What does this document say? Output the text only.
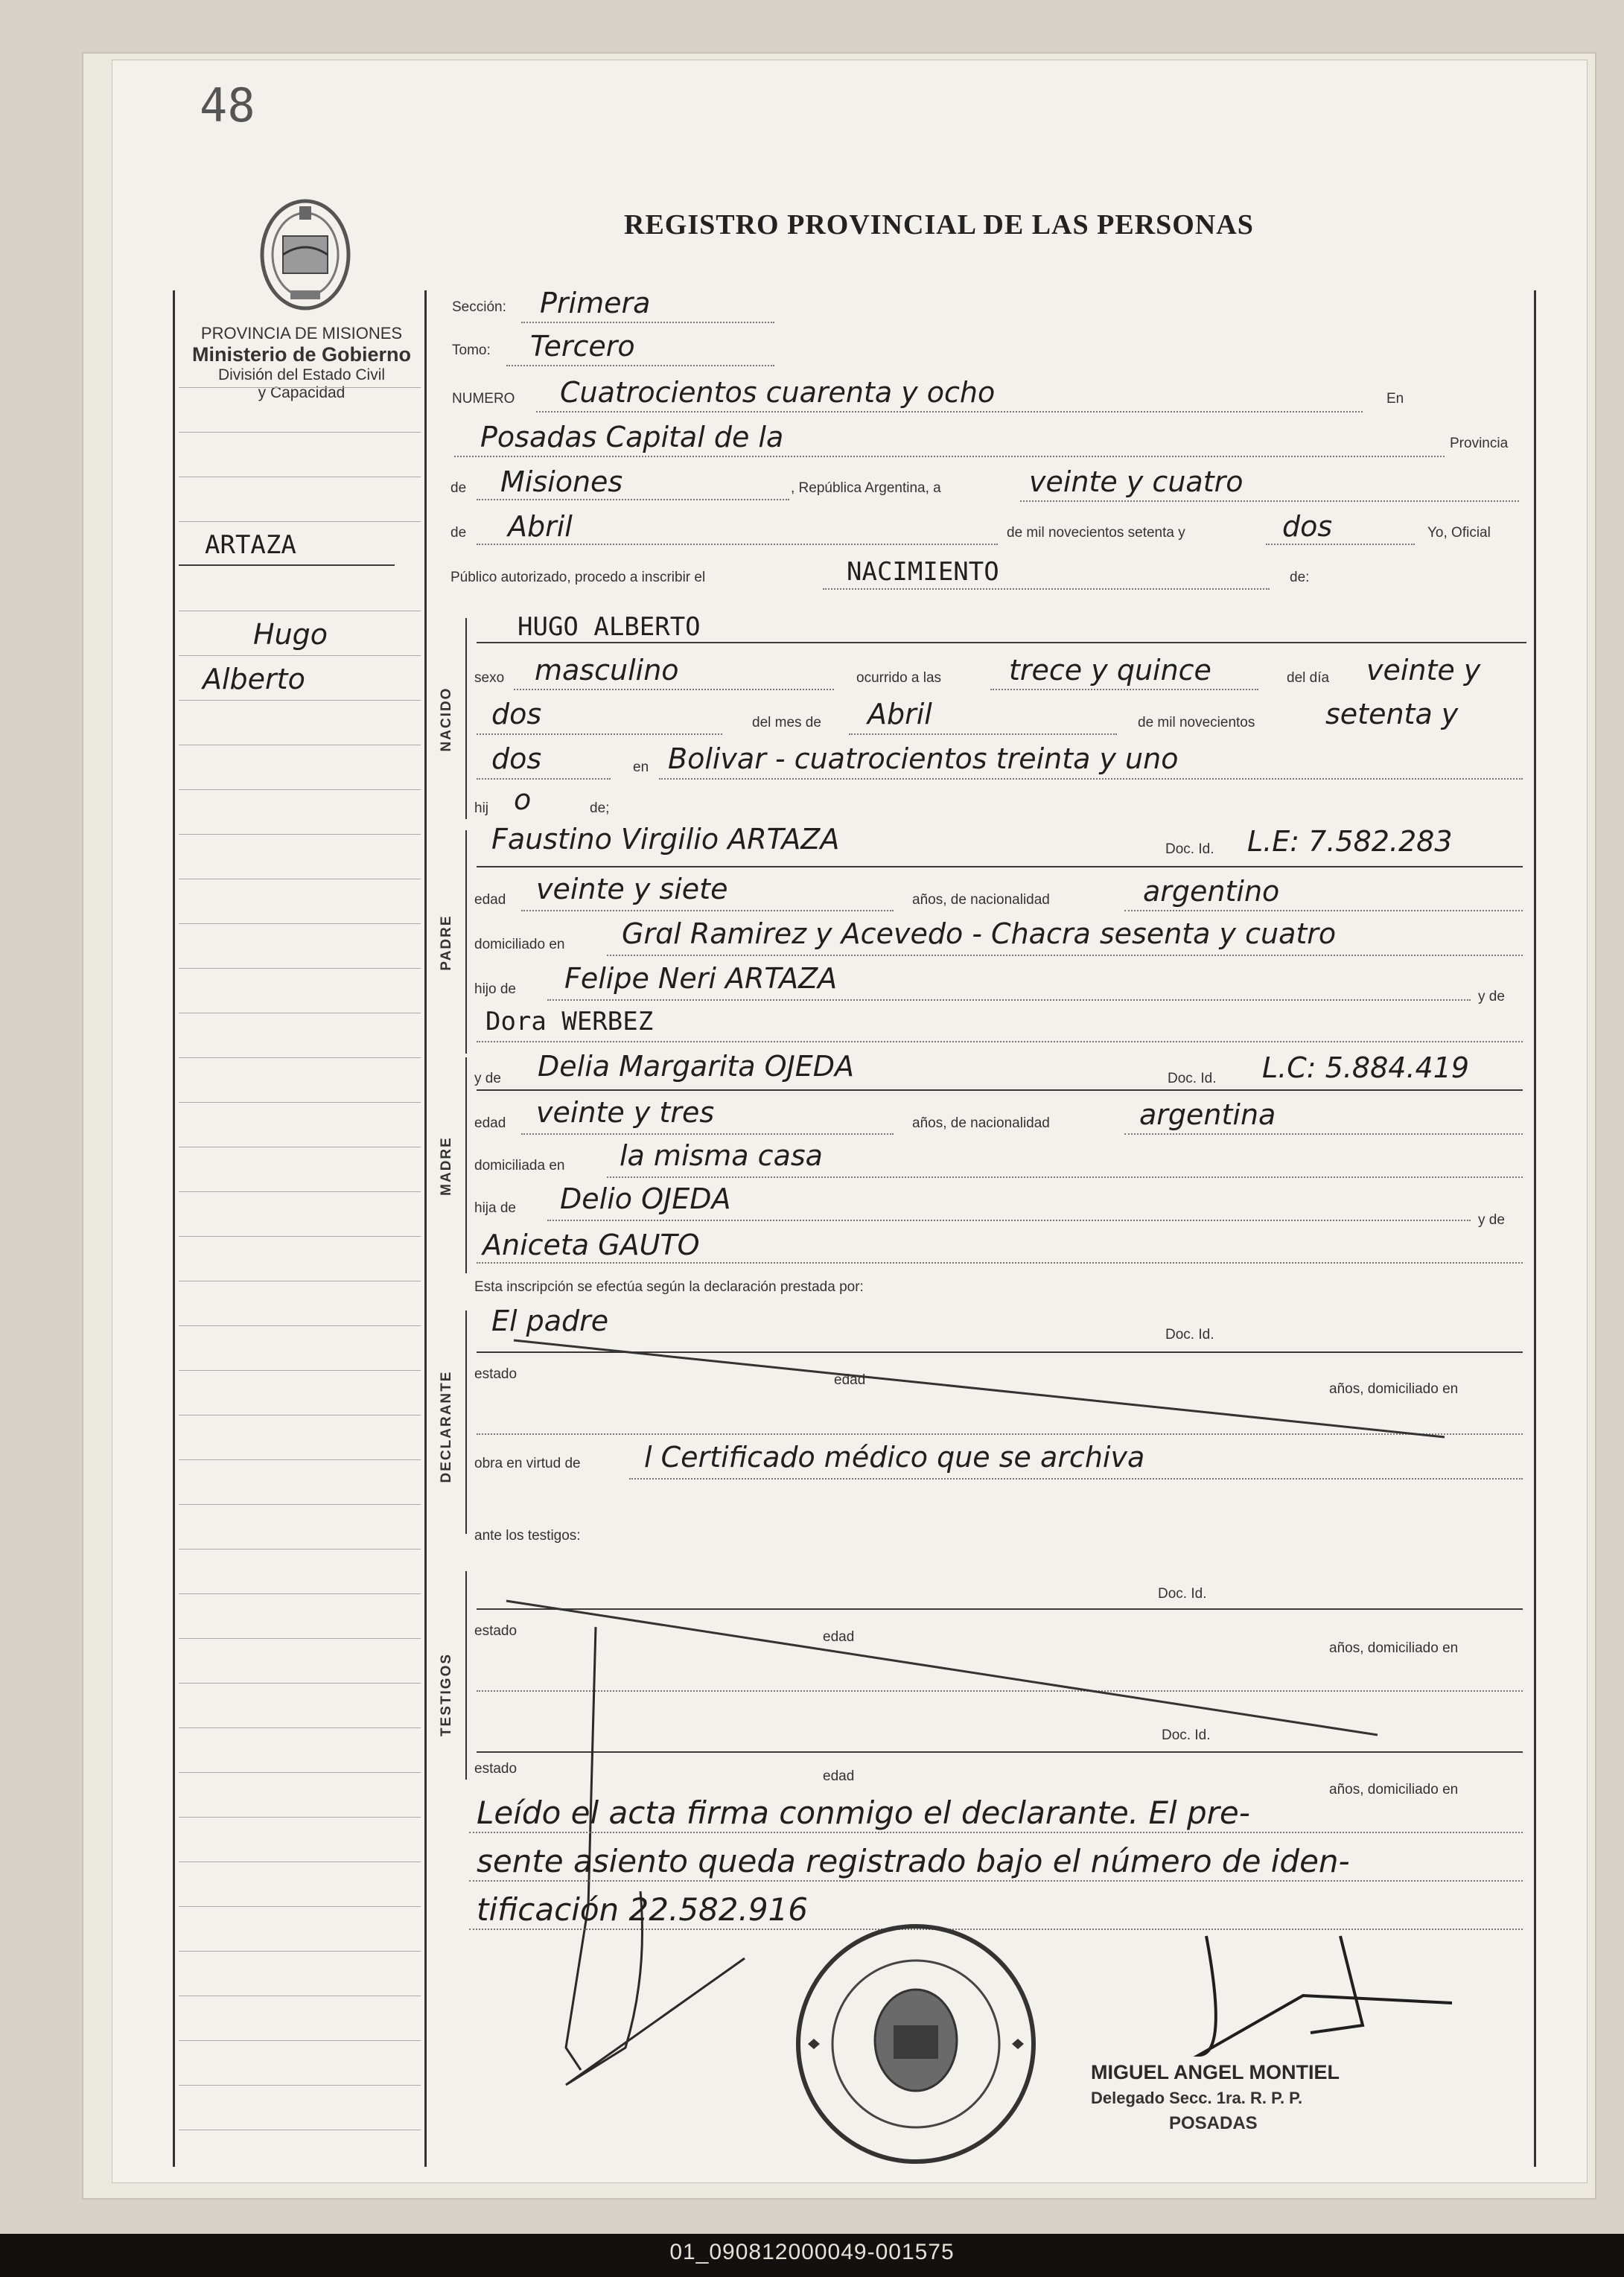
48
REGISTRO PROVINCIAL DE LAS PERSONAS
PROVINCIA DE MISIONES
Ministerio de Gobierno
División del Estado Civil
y Capacidad
ARTAZA
Hugo
Alberto
Sección: Primera
Tomo: Tercero
NUMERO Cuatrocientos cuarenta y ocho	En
Posadas Capital de la	Provincia
de Misiones	, República Argentina, a	veinte y cuatro
de Abril	de mil novecientos setenta y	dos	Yo, Oficial
Público autorizado, procedo a inscribir el	NACIMIENTO	de:
NACIDO
HUGO ALBERTO
sexo masculino	ocurrido a las trece y quince	del día veinte y
dos	del mes de Abril	de mil novecientos setenta y
dos	en Bolivar - cuatrocientos treinta y uno
hij o	de;
PADRE
Faustino Virgilio ARTAZA	Doc. Id. L.E: 7.582.283
edad veinte y siete	años, de nacionalidad	argentino
domiciliado en Grɑl Ramirez y Acevedo - Chacra sesenta y cuatro
hijo de Felipe Neri ARTAZA
y de
Dora WERBEZ
MADRE
y de Delia Margarita OJEDA	Doc. Id. L.C: 5.884.419
edad veinte y tres	años, de nacionalidad	argentina
domiciliada en la misma casa
hija de Delio OJEDA
y de
Aniceta GAUTO
Esta inscripción se efectúa según la declaración prestada por:
DECLARANTE
El padre	Doc. Id.
estado	edad
años, domiciliado en
obra en virtud de l Certificado médico que se archiva
ante los testigos:
TESTIGOS
Doc. Id.
estado	edad
años, domiciliado en
Doc. Id.
estado	edad
años, domiciliado en
Leído el acta firma conmigo el declarante. El pre-
sente asiento queda registrado bajo el número de iden-
tificación 22.582.916
MIGUEL ANGEL MONTIEL
Delegado Secc. 1ra. R. P. P.
POSADAS
01_090812000049-001575
